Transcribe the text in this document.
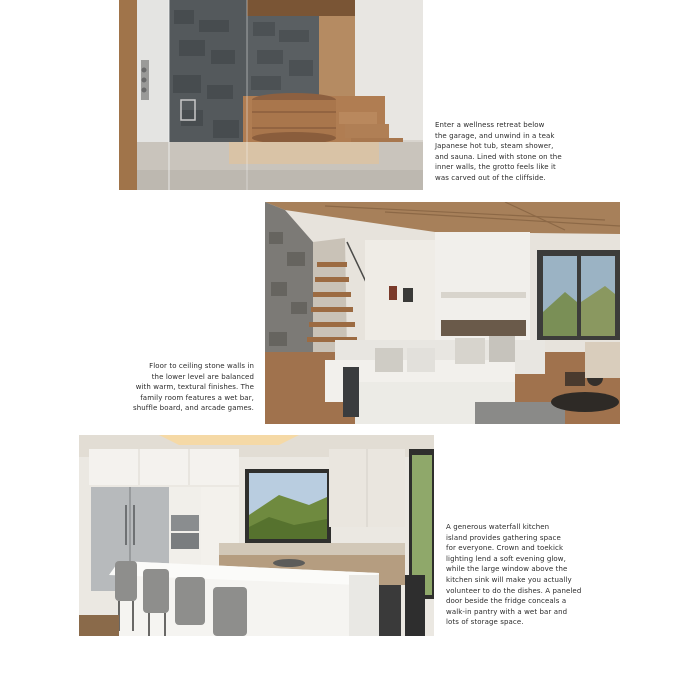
Enter a wellness retreat below
the garage, and unwind in a teak
Japanese hot tub, steam shower,
and sauna. Lined with stone on the
inner walls, the grotto feels like it
was carved out of the cliffside.
Floor to ceiling stone walls in
the lower level are balanced
with warm, textural finishes. The
family room features a wet bar,
shuffle board, and arcade games.
A generous waterfall kitchen
island provides gathering space
for everyone. Crown and toekick
lighting lend a soft evening glow,
while the large window above the
kitchen sink will make you actually
volunteer to do the dishes. A paneled
door beside the fridge conceals a
walk-in pantry with a wet bar and
lots of storage space.
